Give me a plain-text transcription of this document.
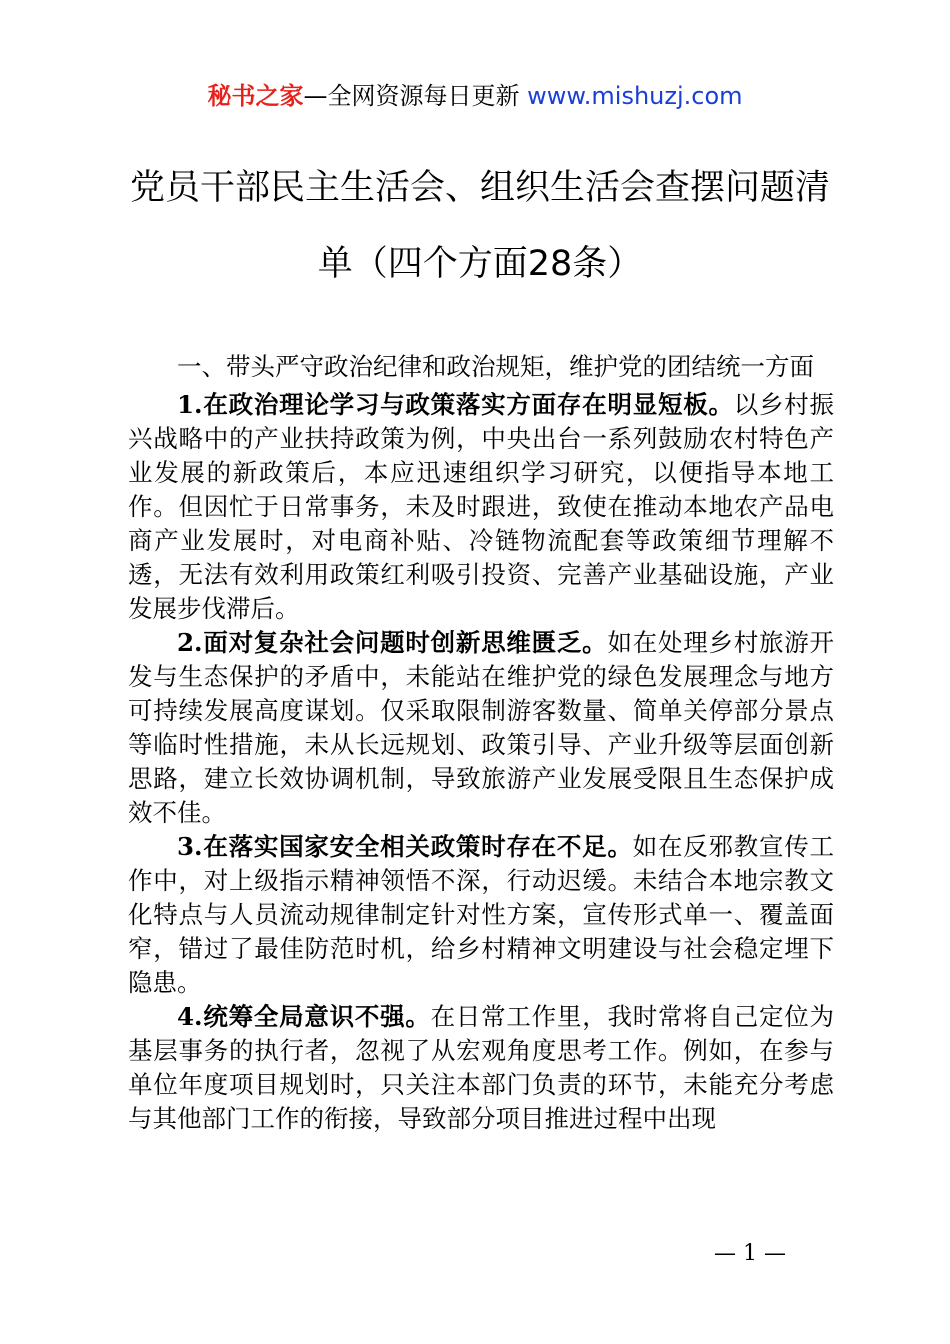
秘书之家—全网资源每日更新 www.mishuzj.com
党员干部民主生活会、组织生活会查摆问题清
单（四个方面28条）

一、带头严守政治纪律和政治规矩，维护党的团结统一方面

1.在政治理论学习与政策落实方面存在明显短板。以乡村振兴战略中的产业扶持政策为例，中央出台一系列鼓励农村特色产业发展的新政策后，本应迅速组织学习研究，以便指导本地工作。但因忙于日常事务，未及时跟进，致使在推动本地农产品电商产业发展时，对电商补贴、冷链物流配套等政策细节理解不透，无法有效利用政策红利吸引投资、完善产业基础设施，产业发展步伐滞后。

2.面对复杂社会问题时创新思维匮乏。如在处理乡村旅游开发与生态保护的矛盾中，未能站在维护党的绿色发展理念与地方可持续发展高度谋划。仅采取限制游客数量、简单关停部分景点等临时性措施，未从长远规划、政策引导、产业升级等层面创新思路，建立长效协调机制，导致旅游产业发展受限且生态保护成效不佳。

3.在落实国家安全相关政策时存在不足。如在反邪教宣传工作中，对上级指示精神领悟不深，行动迟缓。未结合本地宗教文化特点与人员流动规律制定针对性方案，宣传形式单一、覆盖面窄，错过了最佳防范时机，给乡村精神文明建设与社会稳定埋下隐患。

4.统筹全局意识不强。在日常工作里，我时常将自己定位为基层事务的执行者，忽视了从宏观角度思考工作。例如，在参与单位年度项目规划时，只关注本部门负责的环节，未能充分考虑与其他部门工作的衔接，导致部分项目推进过程中出现

— 1 —
